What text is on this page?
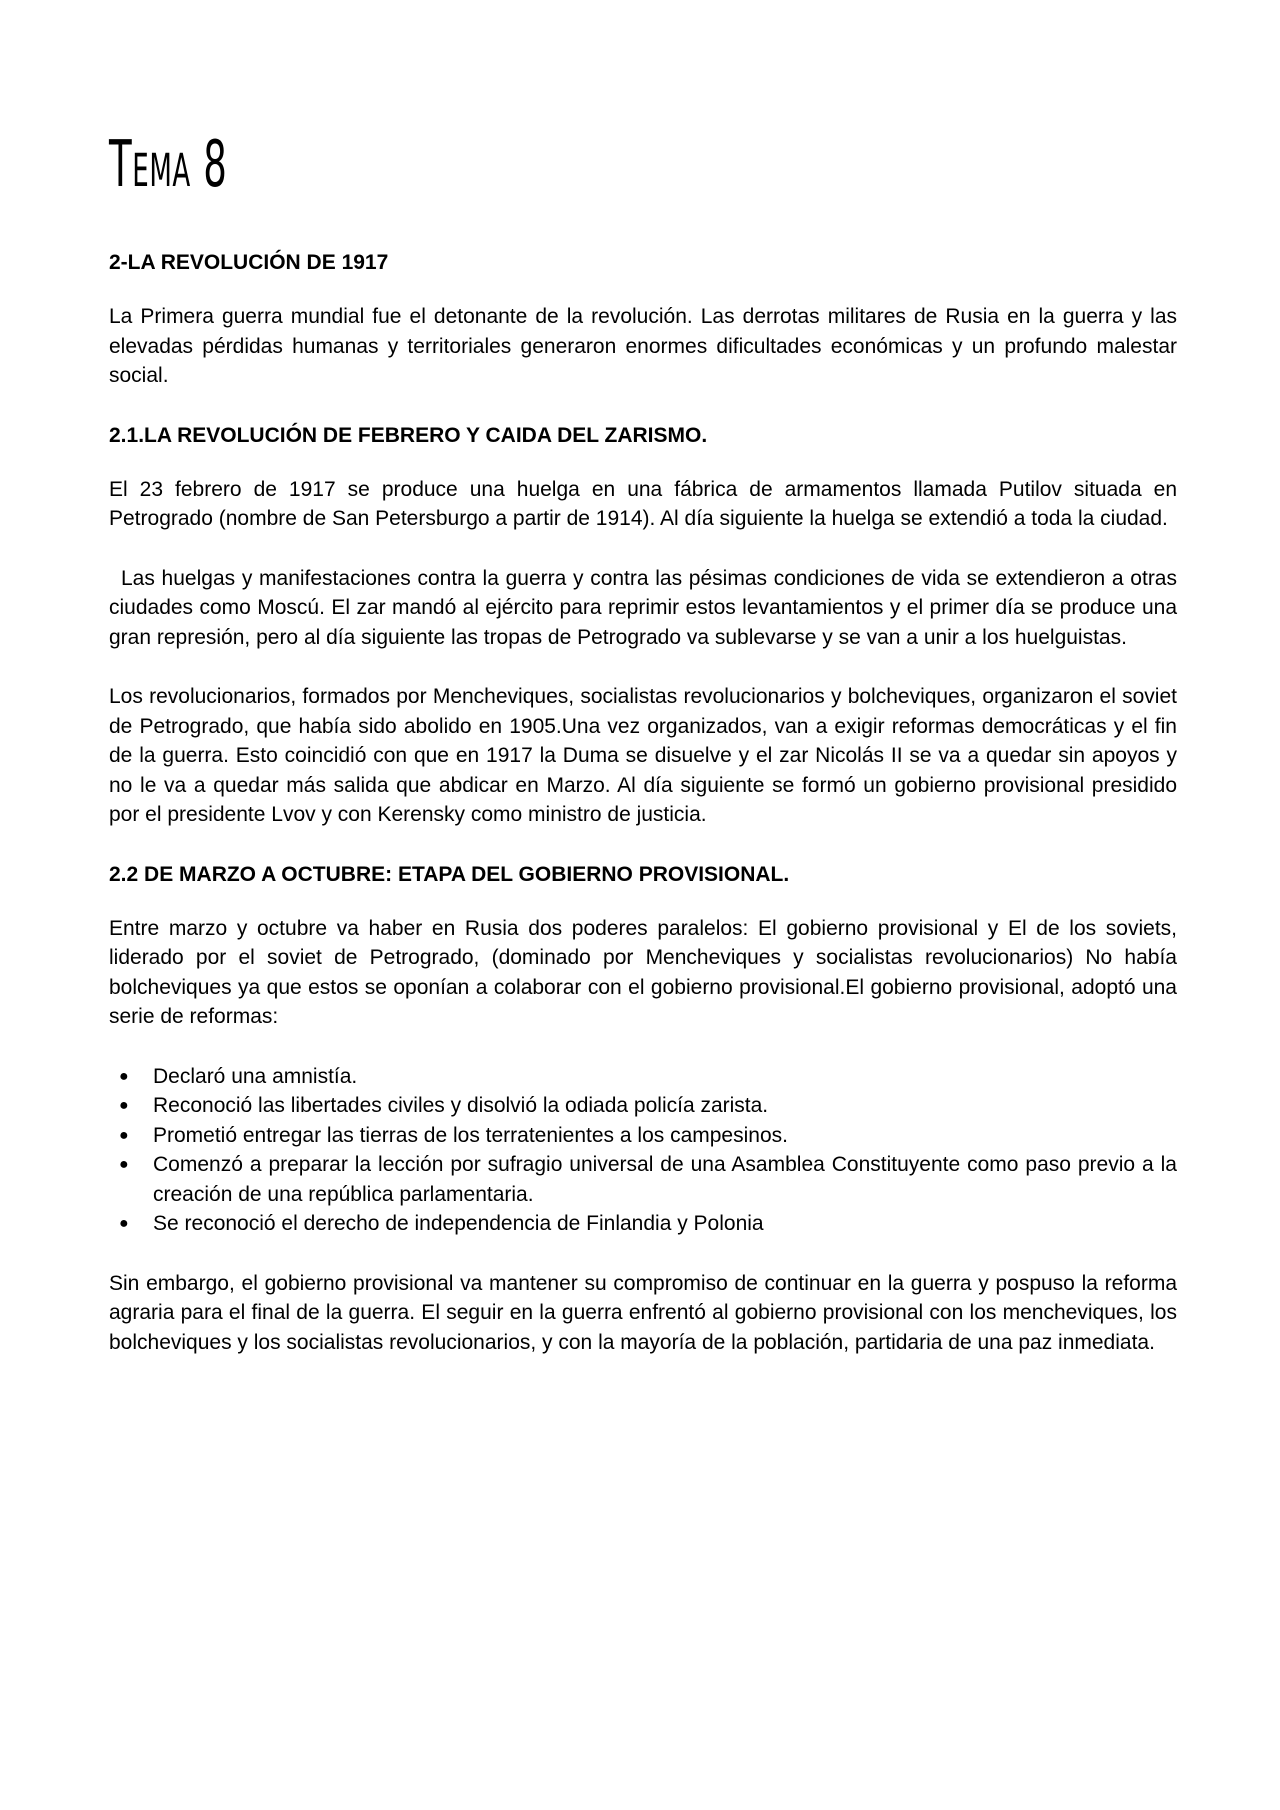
Tema 8
2-LA REVOLUCIÓN DE 1917

La Primera guerra mundial fue el detonante de la revolución. Las derrotas militares de Rusia en la guerra y las elevadas pérdidas humanas y territoriales generaron enormes dificultades económicas y un profundo malestar social.

2.1.LA REVOLUCIÓN DE FEBRERO Y CAIDA DEL ZARISMO.

El 23 febrero de 1917 se produce una huelga en una fábrica de armamentos llamada Putilov situada en Petrogrado (nombre de San Petersburgo a partir de 1914). Al día siguiente la huelga se extendió a toda la ciudad.

Las huelgas y manifestaciones contra la guerra y contra las pésimas condiciones de vida se extendieron a otras ciudades como Moscú. El zar mandó al ejército para reprimir estos levantamientos y el primer día se produce una gran represión, pero al día siguiente las tropas de Petrogrado va sublevarse y se van a unir a los huelguistas.

Los revolucionarios, formados por Mencheviques, socialistas revolucionarios y bolcheviques, organizaron el soviet de Petrogrado, que había sido abolido en 1905.Una vez organizados, van a exigir reformas democráticas y el fin de la guerra. Esto coincidió con que en 1917 la Duma se disuelve y el zar Nicolás II se va a quedar sin apoyos y no le va a quedar más salida que abdicar en Marzo. Al día siguiente se formó un gobierno provisional presidido por el presidente Lvov y con Kerensky como ministro de justicia.

2.2 DE MARZO A OCTUBRE: ETAPA DEL GOBIERNO PROVISIONAL.

Entre marzo y octubre va haber en Rusia dos poderes paralelos: El gobierno provisional y El de los soviets, liderado por el soviet de Petrogrado, (dominado por Mencheviques y socialistas revolucionarios) No había bolcheviques ya que estos se oponían a colaborar con el gobierno provisional.El gobierno provisional, adoptó una serie de reformas:

● Declaró una amnistía.
● Reconoció las libertades civiles y disolvió la odiada policía zarista.
● Prometió entregar las tierras de los terratenientes a los campesinos.
● Comenzó a preparar la lección por sufragio universal de una Asamblea Constituyente como paso previo a la creación de una república parlamentaria.
● Se reconoció el derecho de independencia de Finlandia y Polonia

Sin embargo, el gobierno provisional va mantener su compromiso de continuar en la guerra y pospuso la reforma agraria para el final de la guerra. El seguir en la guerra enfrentó al gobierno provisional con los mencheviques, los bolcheviques y los socialistas revolucionarios, y con la mayoría de la población, partidaria de una paz inmediata.
